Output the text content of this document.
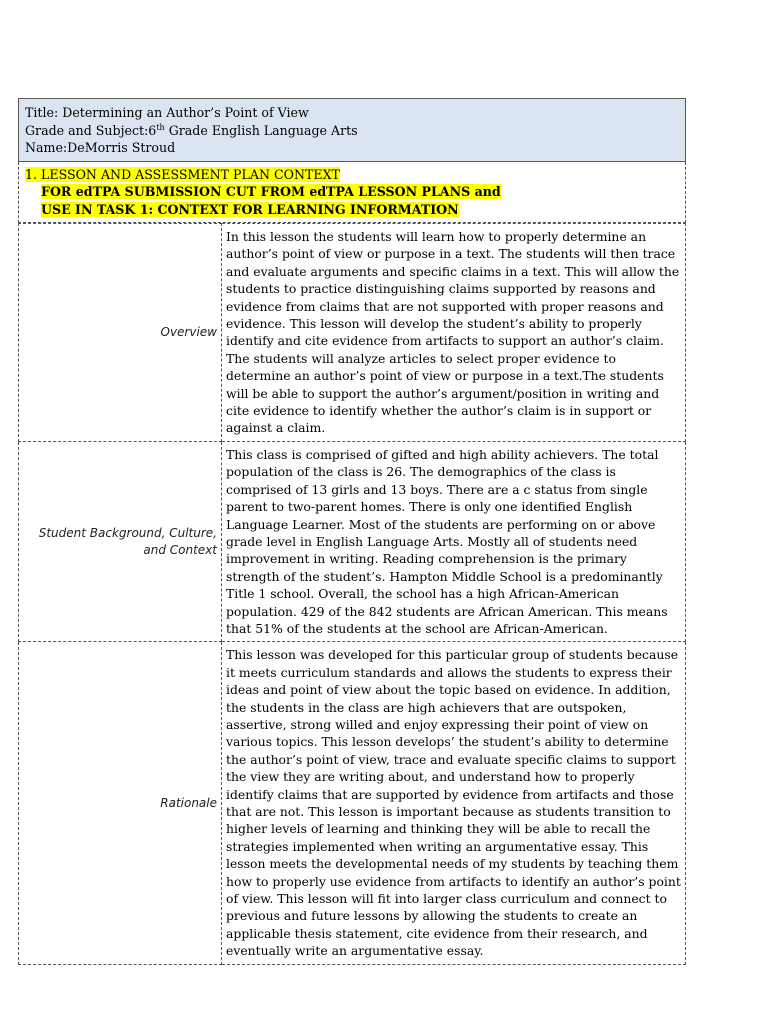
Title: Determining an Author’s Point of View
Grade and Subject:6th Grade English Language Arts
Name:DeMorris Stroud
1. LESSON AND ASSESSMENT PLAN CONTEXT
FOR edTPA SUBMISSION CUT FROM edTPA LESSON PLANS and
USE IN TASK 1: CONTEXT FOR LEARNING INFORMATION
Overview	In this lesson the students will learn how to properly determine an author’s point of view or purpose in a text. The students will then trace and evaluate arguments and specific claims in a text. This will allow the students to practice distinguishing claims supported by reasons and evidence from claims that are not supported with proper reasons and evidence. This lesson will develop the student’s ability to properly identify and cite evidence from artifacts to support an author’s claim. The students will analyze articles to select proper evidence to determine an author’s point of view or purpose in a text.The students will be able to support the author’s argument/position in writing and cite evidence to identify whether the author’s claim is in support or against a claim.
Student Background, Culture,
and Context	This class is comprised of gifted and high ability achievers. The total population of the class is 26. The demographics of the class is comprised of 13 girls and 13 boys. There are a c status from single parent to two-parent homes. There is only one identified English Language Learner. Most of the students are performing on or above grade level in English Language Arts. Mostly all of students need improvement in writing. Reading comprehension is the primary strength of the student’s. Hampton Middle School is a predominantly Title 1 school. Overall, the school has a high African-American population. 429 of the 842 students are African American. This means that 51% of the students at the school are African-American.
Rationale	This lesson was developed for this particular group of students because it meets curriculum standards and allows the students to express their ideas and point of view about the topic based on evidence. In addition, the students in the class are high achievers that are outspoken, assertive, strong willed and enjoy expressing their point of view on various topics. This lesson develops’ the student’s ability to determine the author’s point of view, trace and evaluate specific claims to support the view they are writing about, and understand how to properly identify claims that are supported by evidence from artifacts and those that are not. This lesson is important because as students transition to higher levels of learning and thinking they will be able to recall the strategies implemented when writing an argumentative essay. This lesson meets the developmental needs of my students by teaching them how to properly use evidence from artifacts to identify an author’s point of view. This lesson will fit into larger class curriculum and connect to previous and future lessons by allowing the students to create an applicable thesis statement, cite evidence from their research, and eventually write an argumentative essay.
